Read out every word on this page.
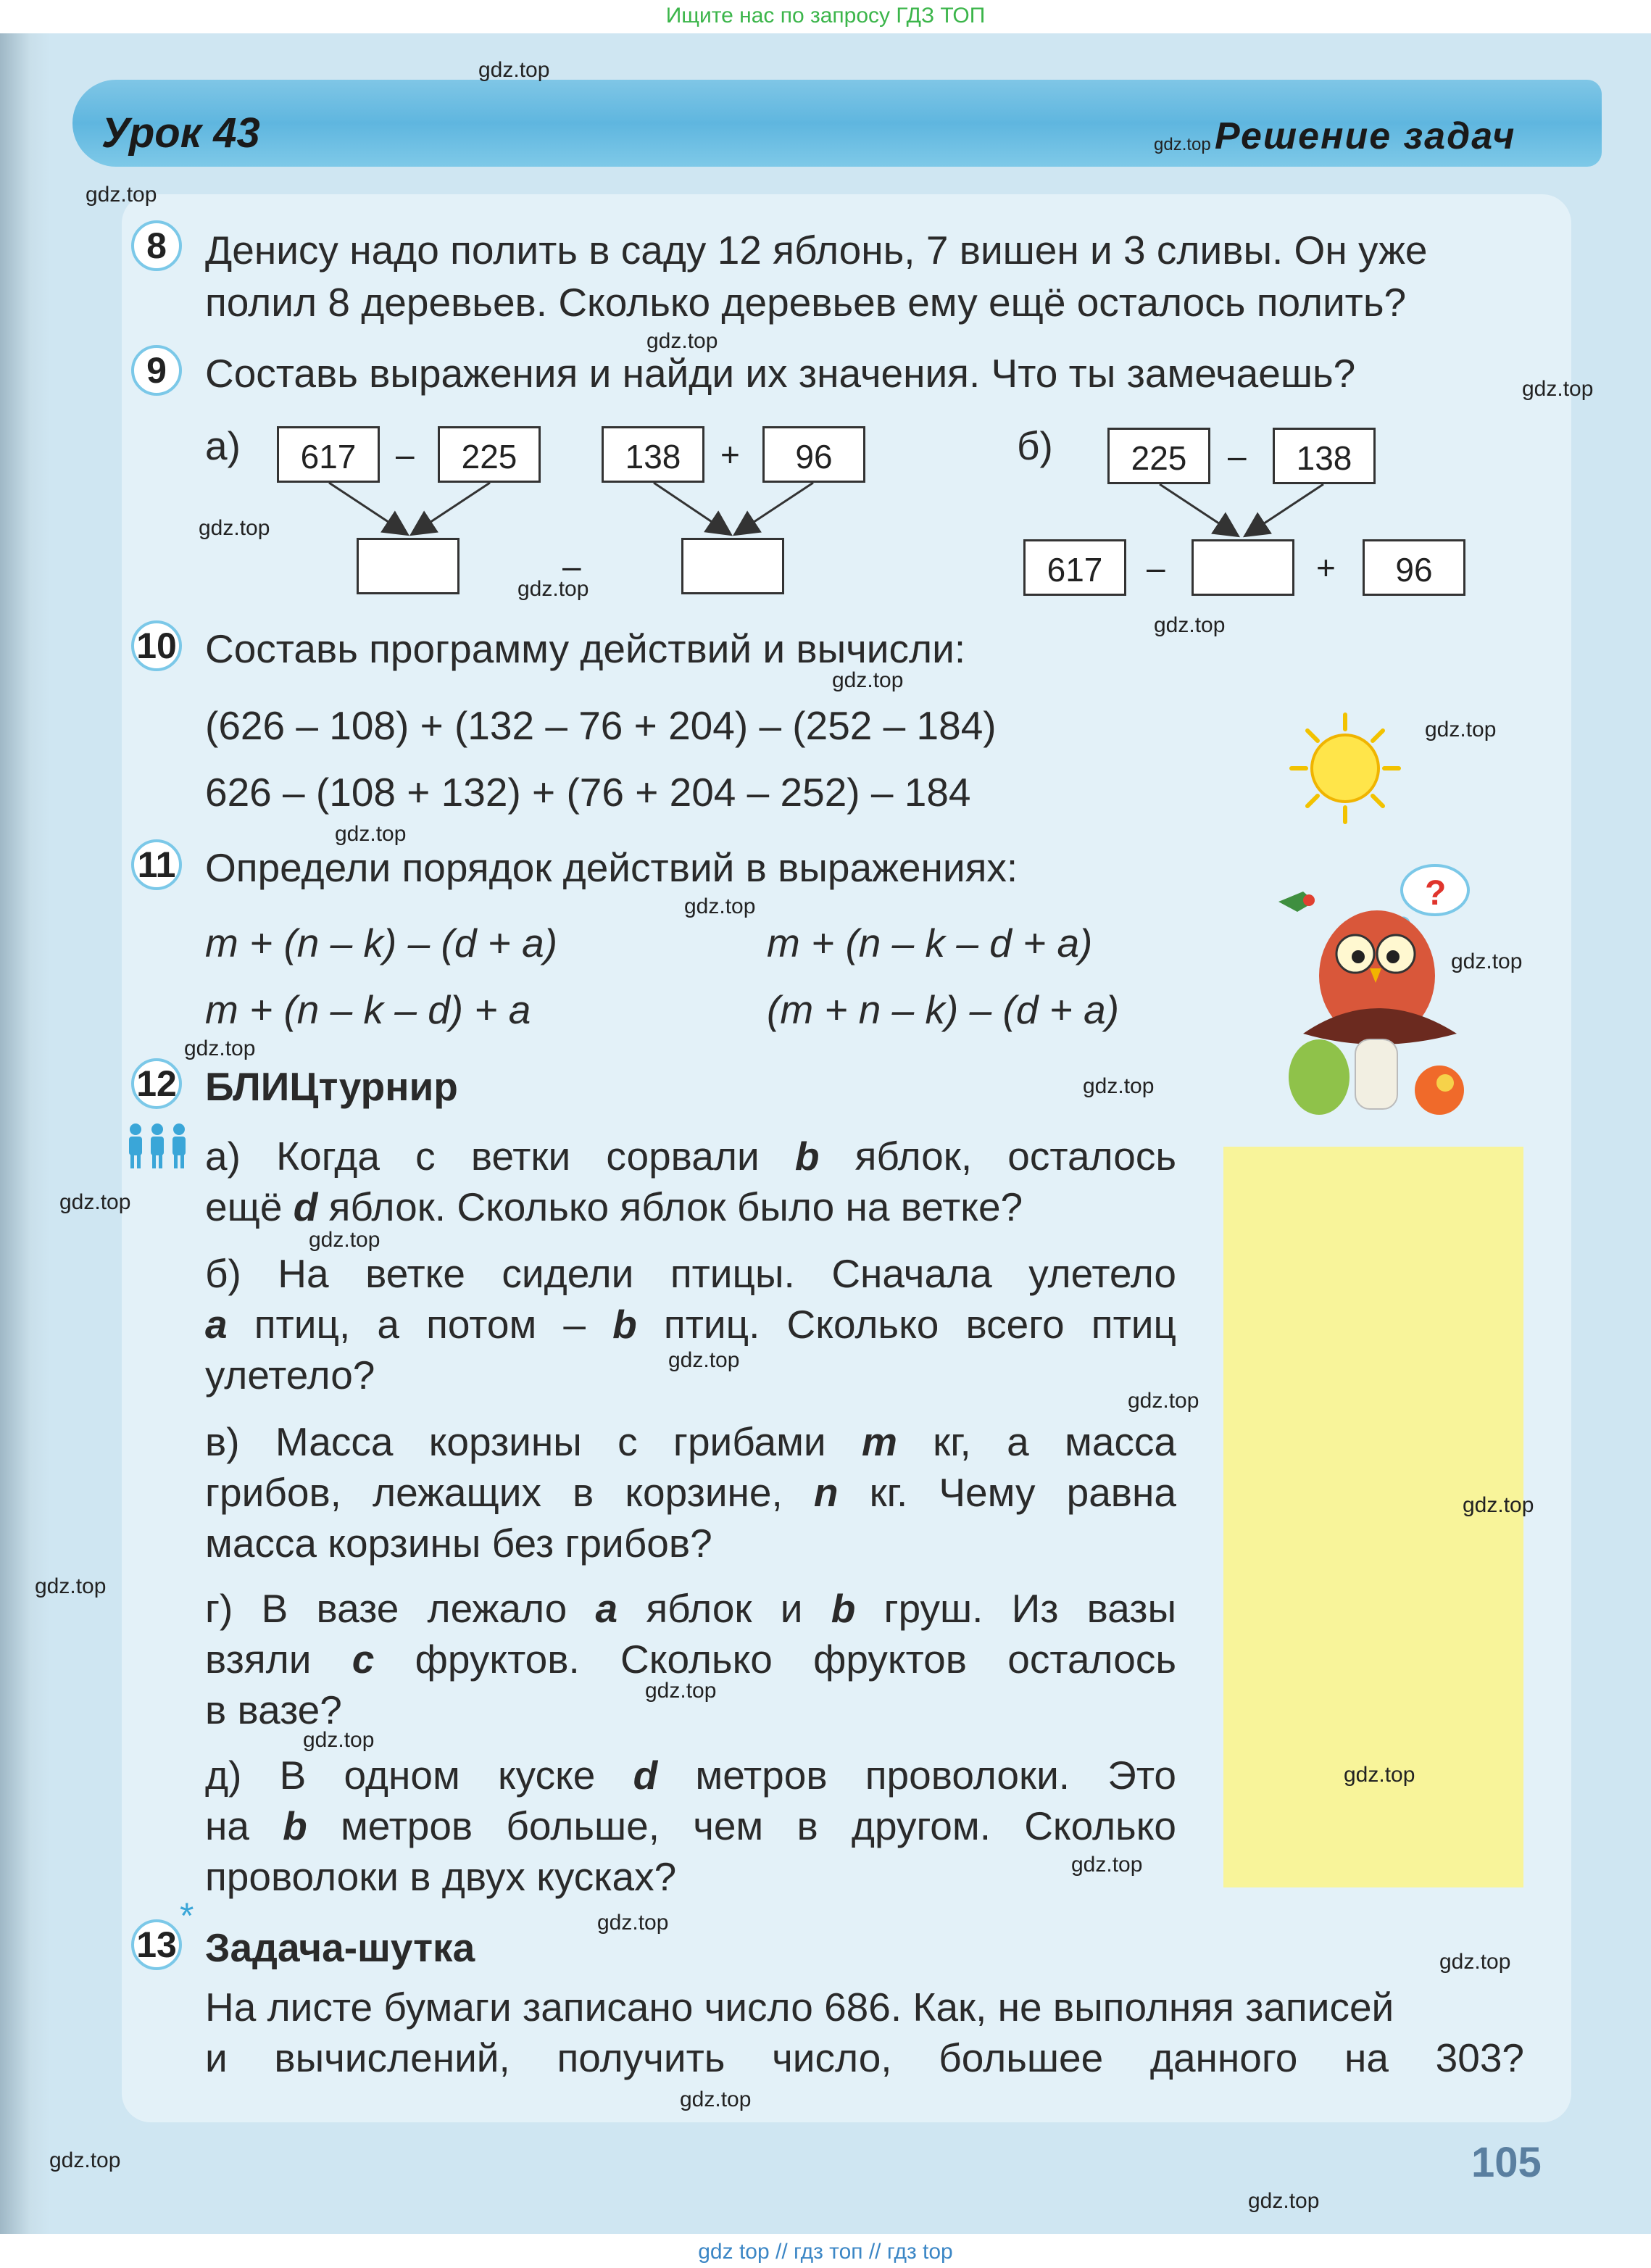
Ищите нас по запросу ГДЗ ТОП
Урок 43	gdz.top Решение задач
8 Денису надо полить в саду 12 яблонь, 7 вишен и 3 сливы. Он уже
полил 8 деревьев. Сколько деревьев ему ещё осталось полить?
9 Составь выражения и найди их значения. Что ты замечаешь?
а)	б)
617	–	225	138	+	96
–
225	–	138
617	–	+	96
10 Составь программу действий и вычисли:
(626 – 108) + (132 – 76 + 204) – (252 – 184)
626 – (108 + 132) + (76 + 204 – 252) – 184
11 Определи порядок действий в выражениях:
m + (n – k) – (d + a)	m + (n – k – d + a)
m + (n – k – d) + a	(m + n – k) – (d + a)
?
12 БЛИЦтурнир
а) Когда с ветки сорвали b яблок, осталось
ещё d яблок. Сколько яблок было на ветке?
б) На ветке сидели птицы. Сначала улетело
a птиц, а потом – b птиц. Сколько всего птиц
улетело?
в) Масса корзины с грибами m кг, а масса
грибов, лежащих в корзине, n кг. Чему равна
масса корзины без грибов?
г) В вазе лежало a яблок и b груш. Из вазы
взяли c фруктов. Сколько фруктов осталось
в вазе?
д) В одном куске d метров проволоки. Это
на b метров больше, чем в другом. Сколько
проволоки в двух кусках?
13
*
Задача-шутка
На листе бумаги записано число 686. Как, не выполняя записей
и вычислений, получить число, большее данного на 303?
105
gdz.top
gdz.top
gdz.top
gdz.top
gdz.top
gdz.top
gdz.top
gdz.top
gdz.top
gdz.top
gdz.top
gdz.top
gdz.top
gdz.top
gdz.top
gdz.top
gdz.top
gdz.top
gdz.top
gdz.top
gdz.top
gdz.top
gdz.top
gdz.top
gdz.top
gdz.top
gdz.top
gdz.top
gdz.top
gdz top // гдз топ // гдз top
